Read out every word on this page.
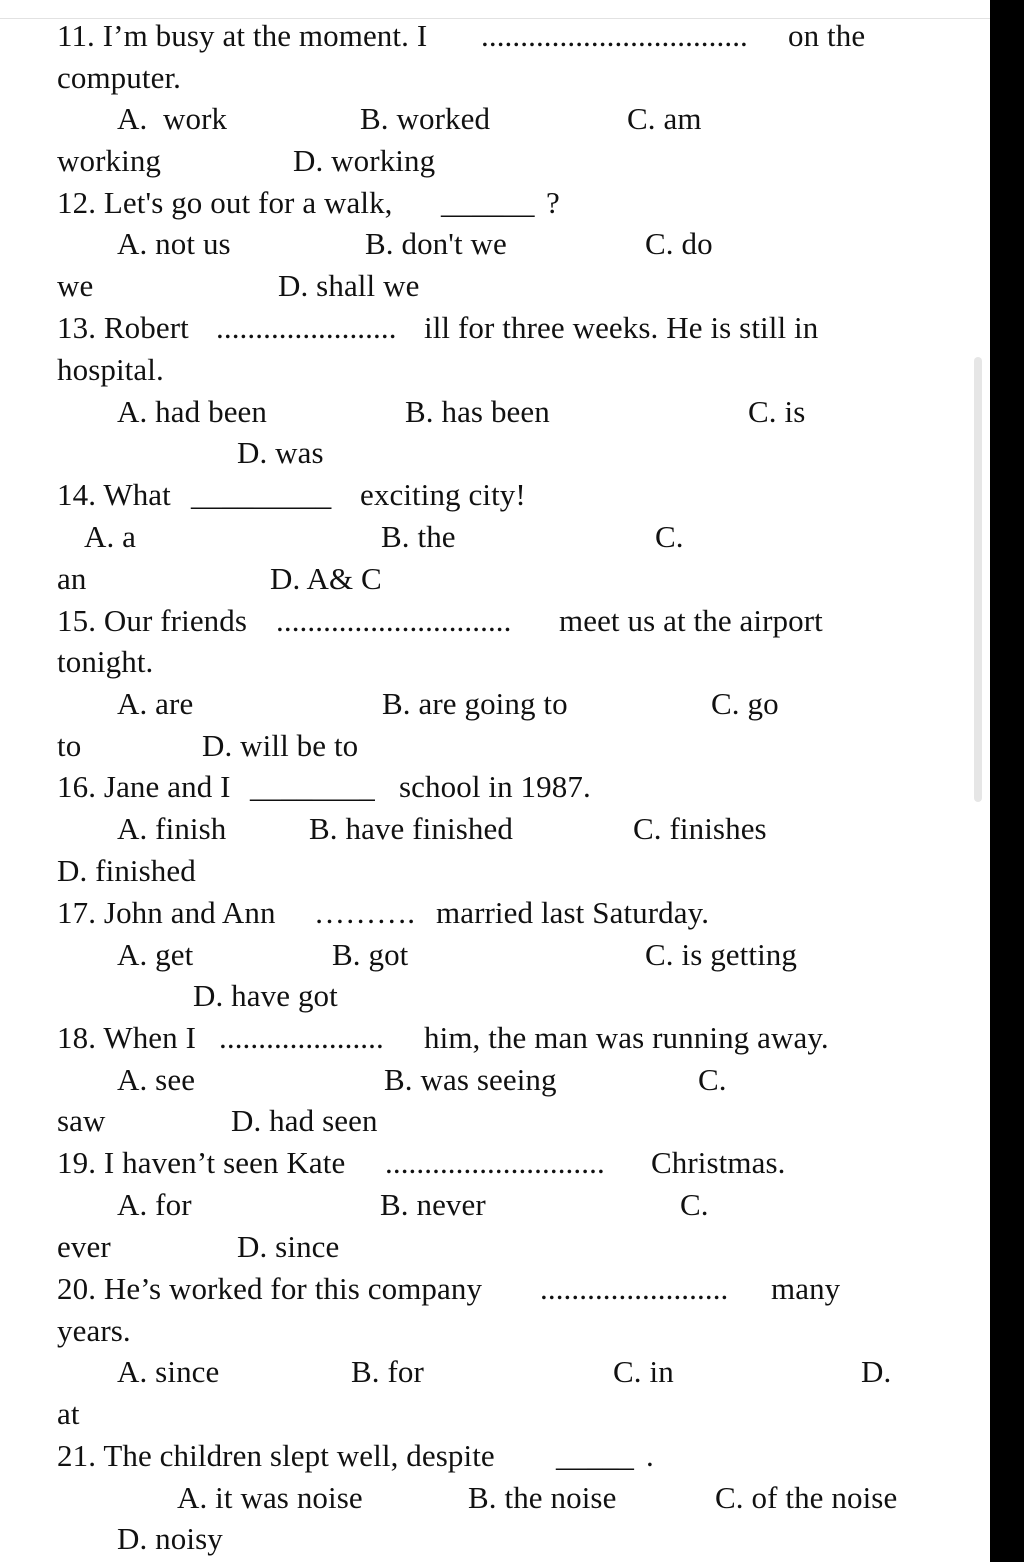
11. I’m busy at the moment. I .................................. on the
computer.
A.  work	B. worked	C. am
working	D. working
12. Let's go out for a walk, ______ ?
A. not us	B. don't we	C. do
we	D. shall we
13. Robert ....................... ill for three weeks. He is still in
hospital.
A. had been	B. has been	C. is
D. was
14. What _________ exciting city!
A. a	B. the	C.
an	D. A& C
15. Our friends .............................. meet us at the airport
tonight.
A. are	B. are going to	C. go
to	D. will be to
16. Jane and I ________ school in 1987.
A. finish	B. have finished	C. finishes
D. finished
17. John and Ann ………. married last Saturday.
A. get	B. got	C. is getting
D. have got
18. When I ..................... him, the man was running away.
A. see	B. was seeing	C.
saw	D. had seen
19. I haven’t seen Kate ............................ Christmas.
A. for	B. never	C.
ever	D. since
20. He’s worked for this company ........................ many
years.
A. since	B. for	C. in	D.
at
21. The children slept well, despite _____ .
A. it was noise	B. the noise	C. of the noise
D. noisy
